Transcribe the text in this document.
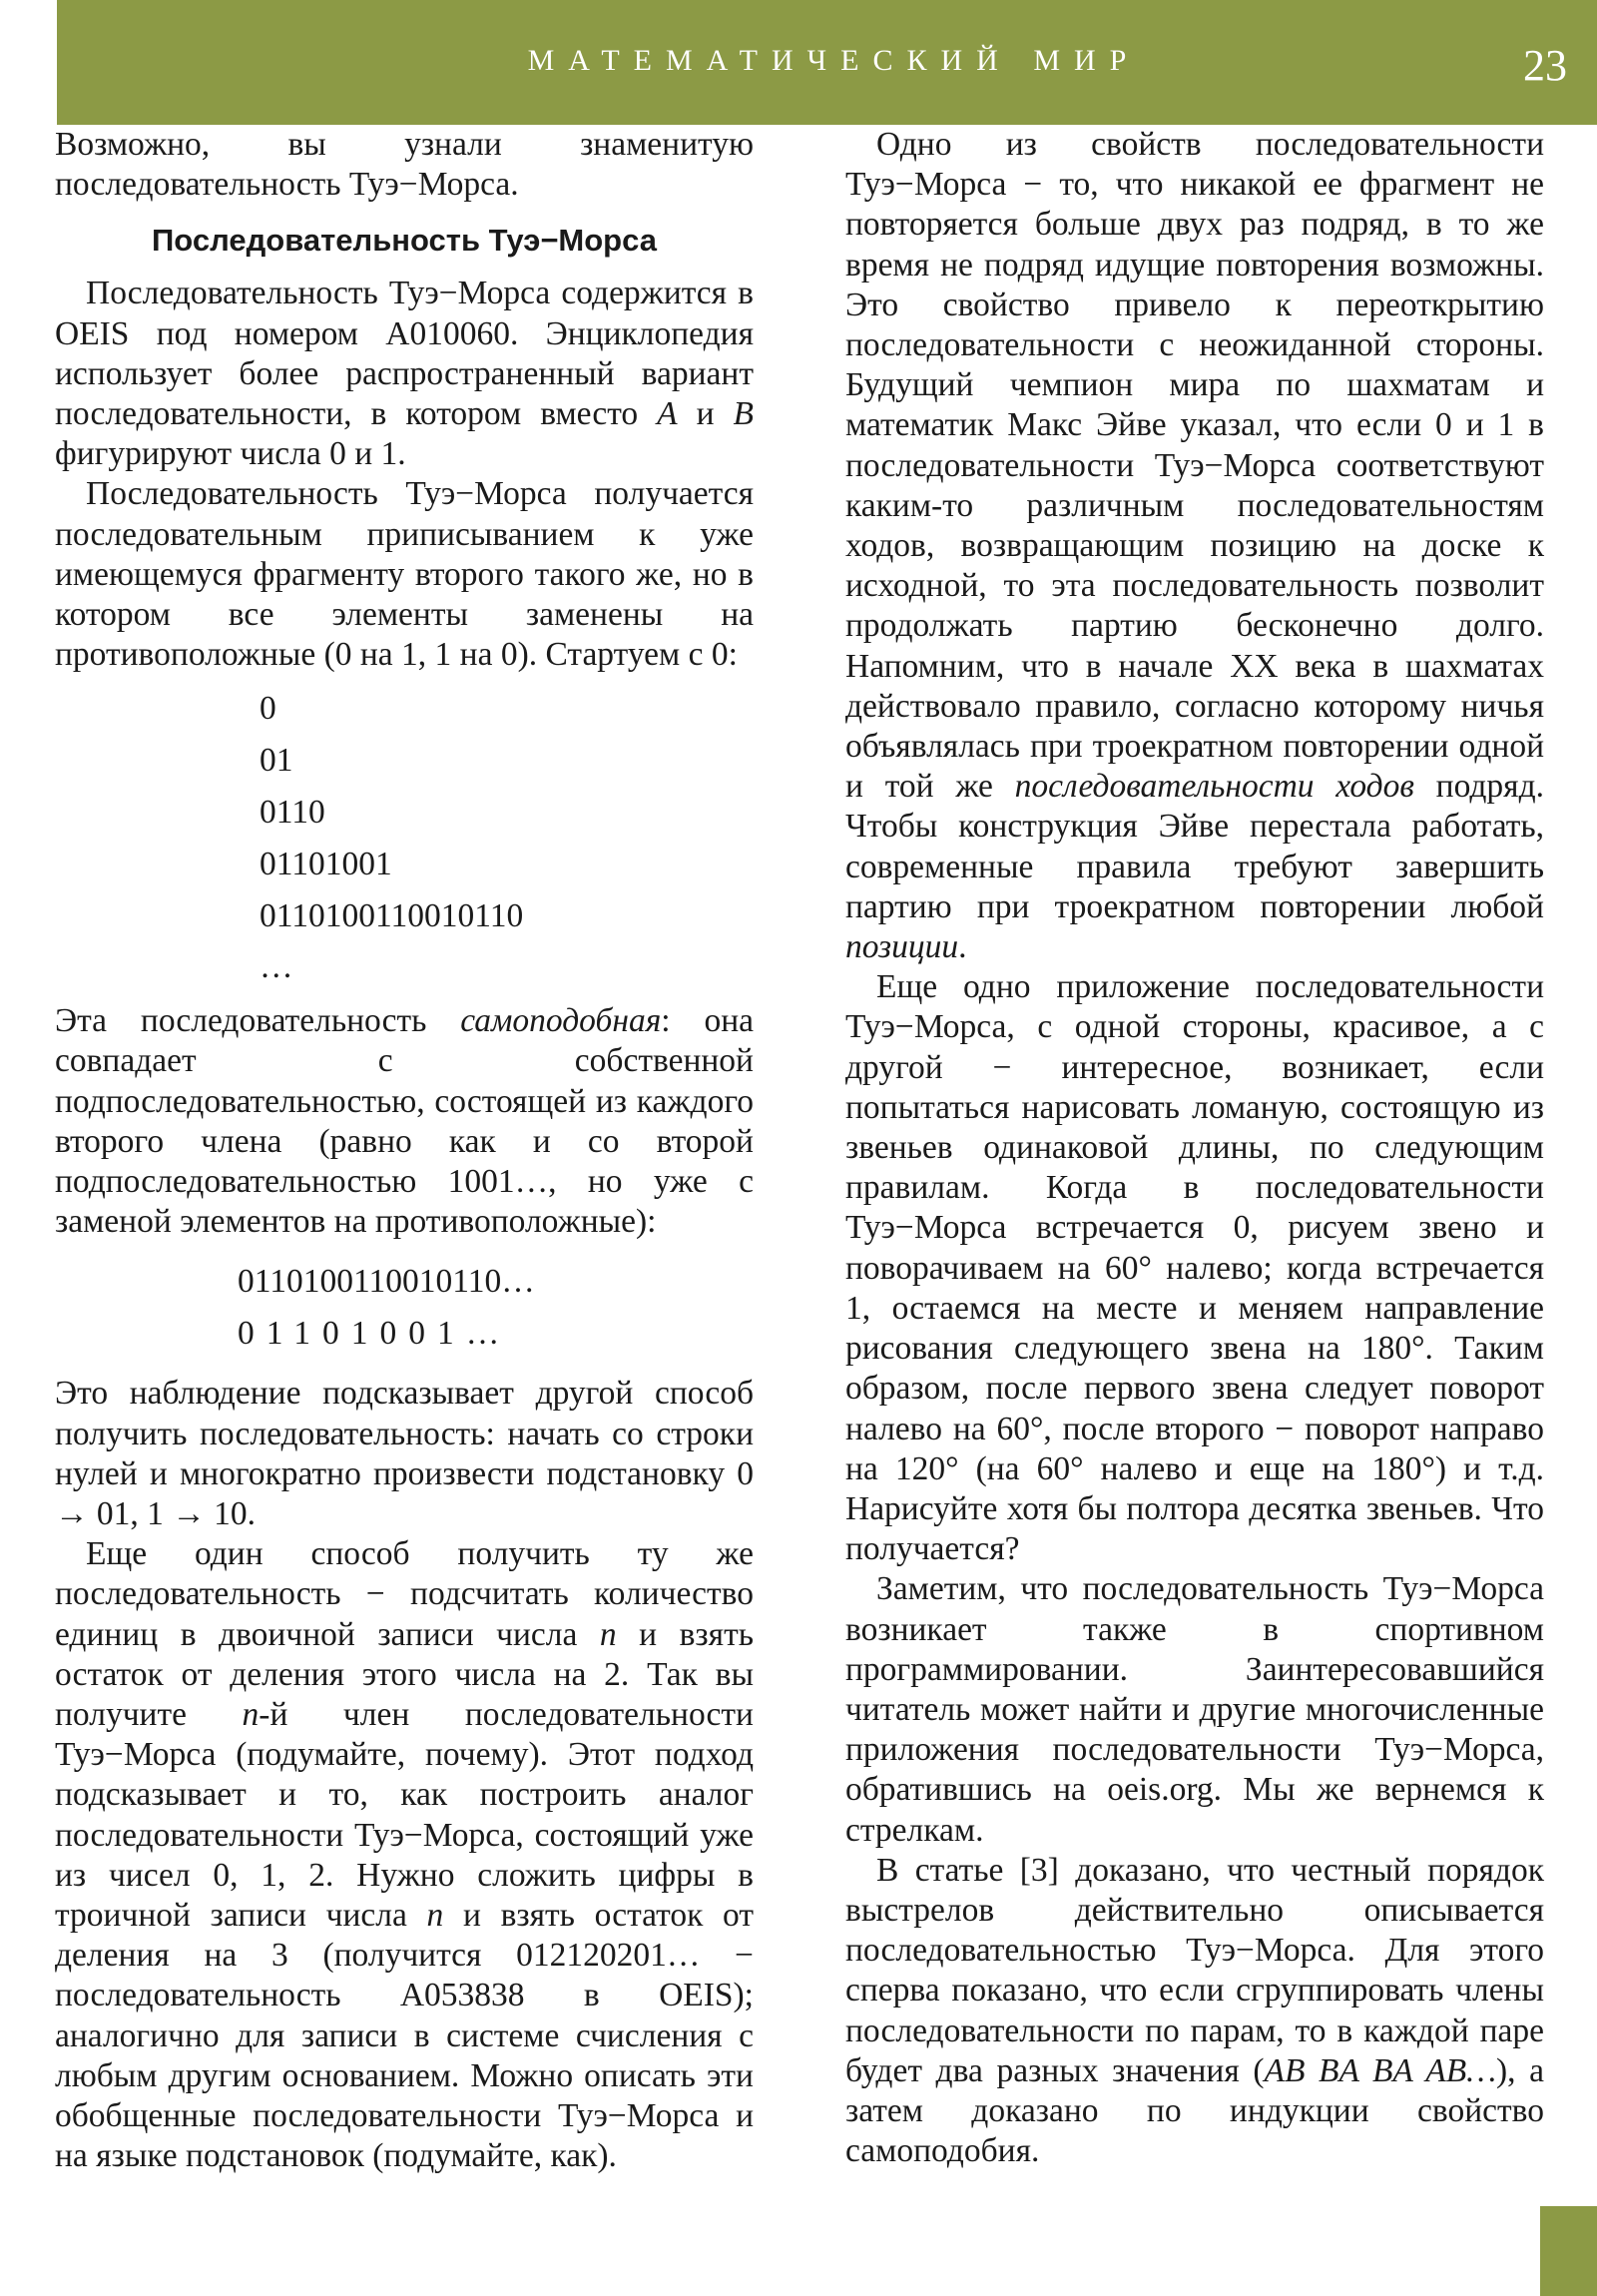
МАТЕМАТИЧЕСКИЙ МИР	23

Возможно, вы узнали знаменитую последовательность Туэ−Морса.

Последовательность Туэ−Морса

Последовательность Туэ−Морса содержится в OEIS под номером A010060. Энциклопедия использует более распространенный вариант последовательности, в котором вместо A и B фигурируют числа 0 и 1.

Последовательность Туэ−Морса получается последовательным приписыванием к уже имеющемуся фрагменту второго такого же, но в котором все элементы заменены на противоположные (0 на 1, 1 на 0). Стартуем с 0:

0
01
0110
01101001
0110100110010110
…

Эта последовательность самоподобная: она совпадает с собственной подпоследовательностью, состоящей из каждого второго члена (равно как и со второй подпоследовательностью 1001…, но уже с заменой элементов на противоположные):

0110100110010110…
01101001…

Это наблюдение подсказывает другой способ получить последовательность: начать со строки нулей и многократно произвести подстановку 0 → 01, 1 → 10.

Еще один способ получить ту же последовательность − подсчитать количество единиц в двоичной записи числа n и взять остаток от деления этого числа на 2. Так вы получите n-й член последовательности Туэ−Морса (подумайте, почему). Этот подход подсказывает и то, как построить аналог последовательности Туэ−Морса, состоящий уже из чисел 0, 1, 2. Нужно сложить цифры в троичной записи числа n и взять остаток от деления на 3 (получится 012120201… − последовательность A053838 в OEIS); аналогично для записи в системе счисления с любым другим основанием. Можно описать эти обобщенные последовательности Туэ−Морса и на языке подстановок (подумайте, как).

Одно из свойств последовательности Туэ−Морса − то, что никакой ее фрагмент не повторяется больше двух раз подряд, в то же время не подряд идущие повторения возможны. Это свойство привело к переоткрытию последовательности с неожиданной стороны. Будущий чемпион мира по шахматам и математик Макс Эйве указал, что если 0 и 1 в последовательности Туэ−Морса соответствуют каким-то различным последовательностям ходов, возвращающим позицию на доске к исходной, то эта последовательность позволит продолжать партию бесконечно долго. Напомним, что в начале XX века в шахматах действовало правило, согласно которому ничья объявлялась при троекратном повторении одной и той же последовательности ходов подряд. Чтобы конструкция Эйве перестала работать, современные правила требуют завершить партию при троекратном повторении любой позиции.

Еще одно приложение последовательности Туэ−Морса, с одной стороны, красивое, а с другой − интересное, возникает, если попытаться нарисовать ломаную, состоящую из звеньев одинаковой длины, по следующим правилам. Когда в последовательности Туэ−Морса встречается 0, рисуем звено и поворачиваем на 60° налево; когда встречается 1, остаемся на месте и меняем направление рисования следующего звена на 180°. Таким образом, после первого звена следует поворот налево на 60°, после второго − поворот направо на 120° (на 60° налево и еще на 180°) и т.д. Нарисуйте хотя бы полтора десятка звеньев. Что получается?

Заметим, что последовательность Туэ−Морса возникает также в спортивном программировании. Заинтересовавшийся читатель может найти и другие многочисленные приложения последовательности Туэ−Морса, обратившись на oeis.org. Мы же вернемся к стрелкам.

В статье [3] доказано, что честный порядок выстрелов действительно описывается последовательностью Туэ−Морса. Для этого сперва показано, что если сгруппировать члены последовательности по парам, то в каждой паре будет два разных значения (AB BA BA AB…), а затем доказано по индукции свойство самоподобия.
